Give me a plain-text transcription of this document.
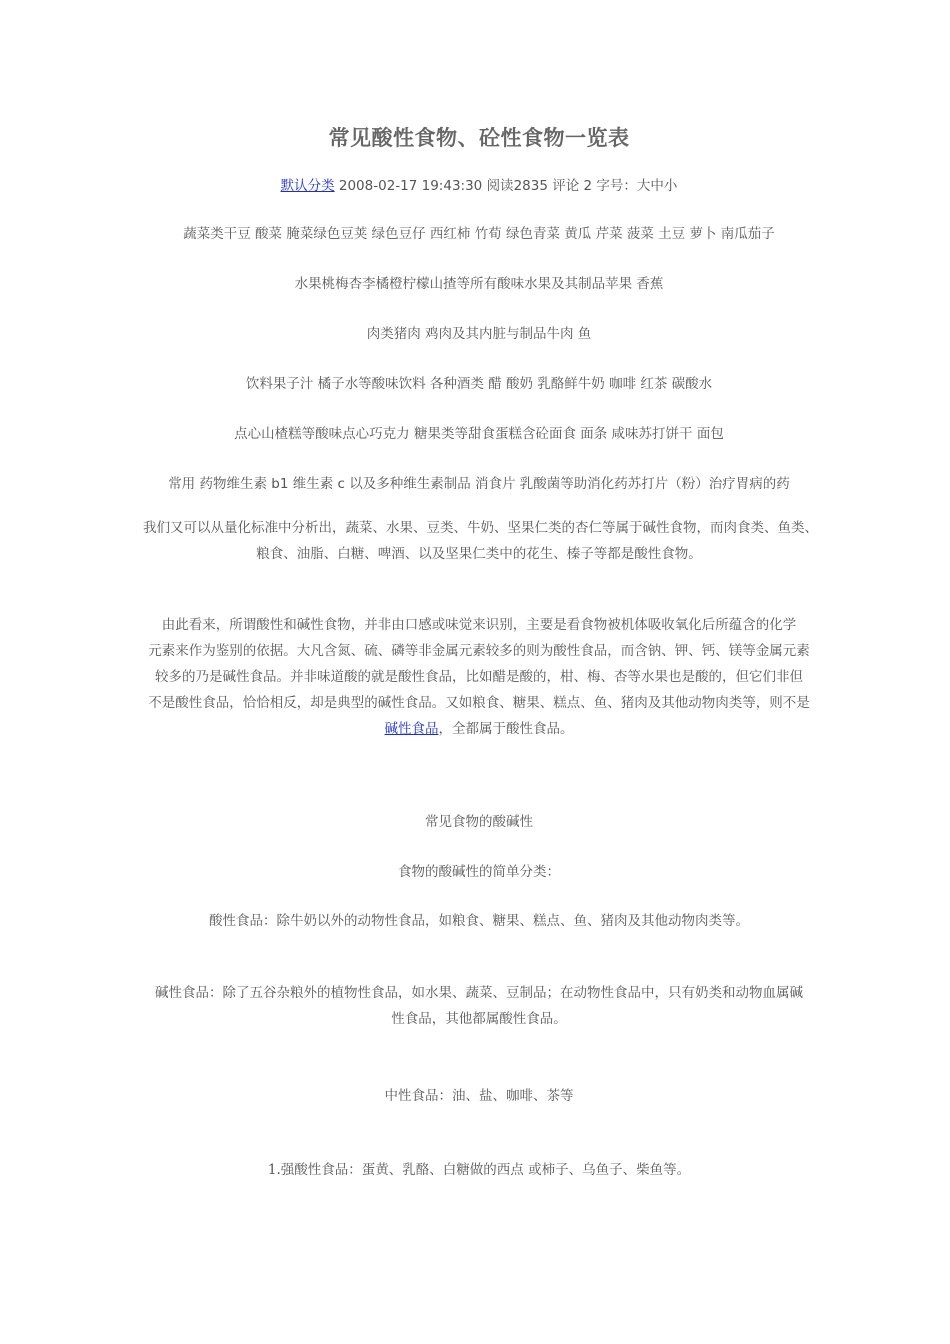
常见酸性食物、砼性食物一览表
默认分类 2008-02-17 19:43:30 阅读2835 评论 2 字号：大中小
蔬菜类干豆 酸菜 腌菜绿色豆荚 绿色豆仔 西红柿 竹荀 绿色青菜 黄瓜 芹菜 菠菜 土豆 萝卜 南瓜茄子
水果桃梅杏李橘橙柠檬山揸等所有酸味水果及其制品苹果 香蕉
肉类猪肉 鸡肉及其内脏与制品牛肉 鱼
饮料果子汁 橘子水等酸味饮料 各种酒类 醋 酸奶 乳酪鲜牛奶 咖啡 红茶 碳酸水
点心山楂糕等酸味点心巧克力 糖果类等甜食蛋糕含砼面食 面条 咸味苏打饼干 面包
常用 药物维生素 b1 维生素 c 以及多种维生素制品 消食片 乳酸菌等助消化药苏打片（粉）治疗胃病的药
我们又可以从量化标准中分析出，蔬菜、水果、豆类、牛奶、坚果仁类的杏仁等属于碱性食物，而肉食类、鱼类、
粮食、油脂、白糖、啤酒、以及坚果仁类中的花生、榛子等都是酸性食物。
由此看来，所谓酸性和碱性食物，并非由口感或味觉来识别，主要是看食物被机体吸收氧化后所蕴含的化学
元素来作为鉴别的依据。大凡含氮、硫、磷等非金属元素较多的则为酸性食品，而含钠、钾、钙、镁等金属元素
较多的乃是碱性食品。并非味道酸的就是酸性食品，比如醋是酸的，柑、梅、杏等水果也是酸的，但它们非但
不是酸性食品，恰恰相反，却是典型的碱性食品。又如粮食、糖果、糕点、鱼、猪肉及其他动物肉类等，则不是
碱性食品，全都属于酸性食品。
常见食物的酸碱性
食物的酸碱性的简单分类：
酸性食品：除牛奶以外的动物性食品，如粮食、糖果、糕点、鱼、猪肉及其他动物肉类等。
碱性食品：除了五谷杂粮外的植物性食品，如水果、蔬菜、豆制品；在动物性食品中，只有奶类和动物血属碱
性食品，其他都属酸性食品。
中性食品：油、盐、咖啡、茶等
1.强酸性食品：蛋黄、乳酪、白糖做的西点 或柿子、乌鱼子、柴鱼等。
